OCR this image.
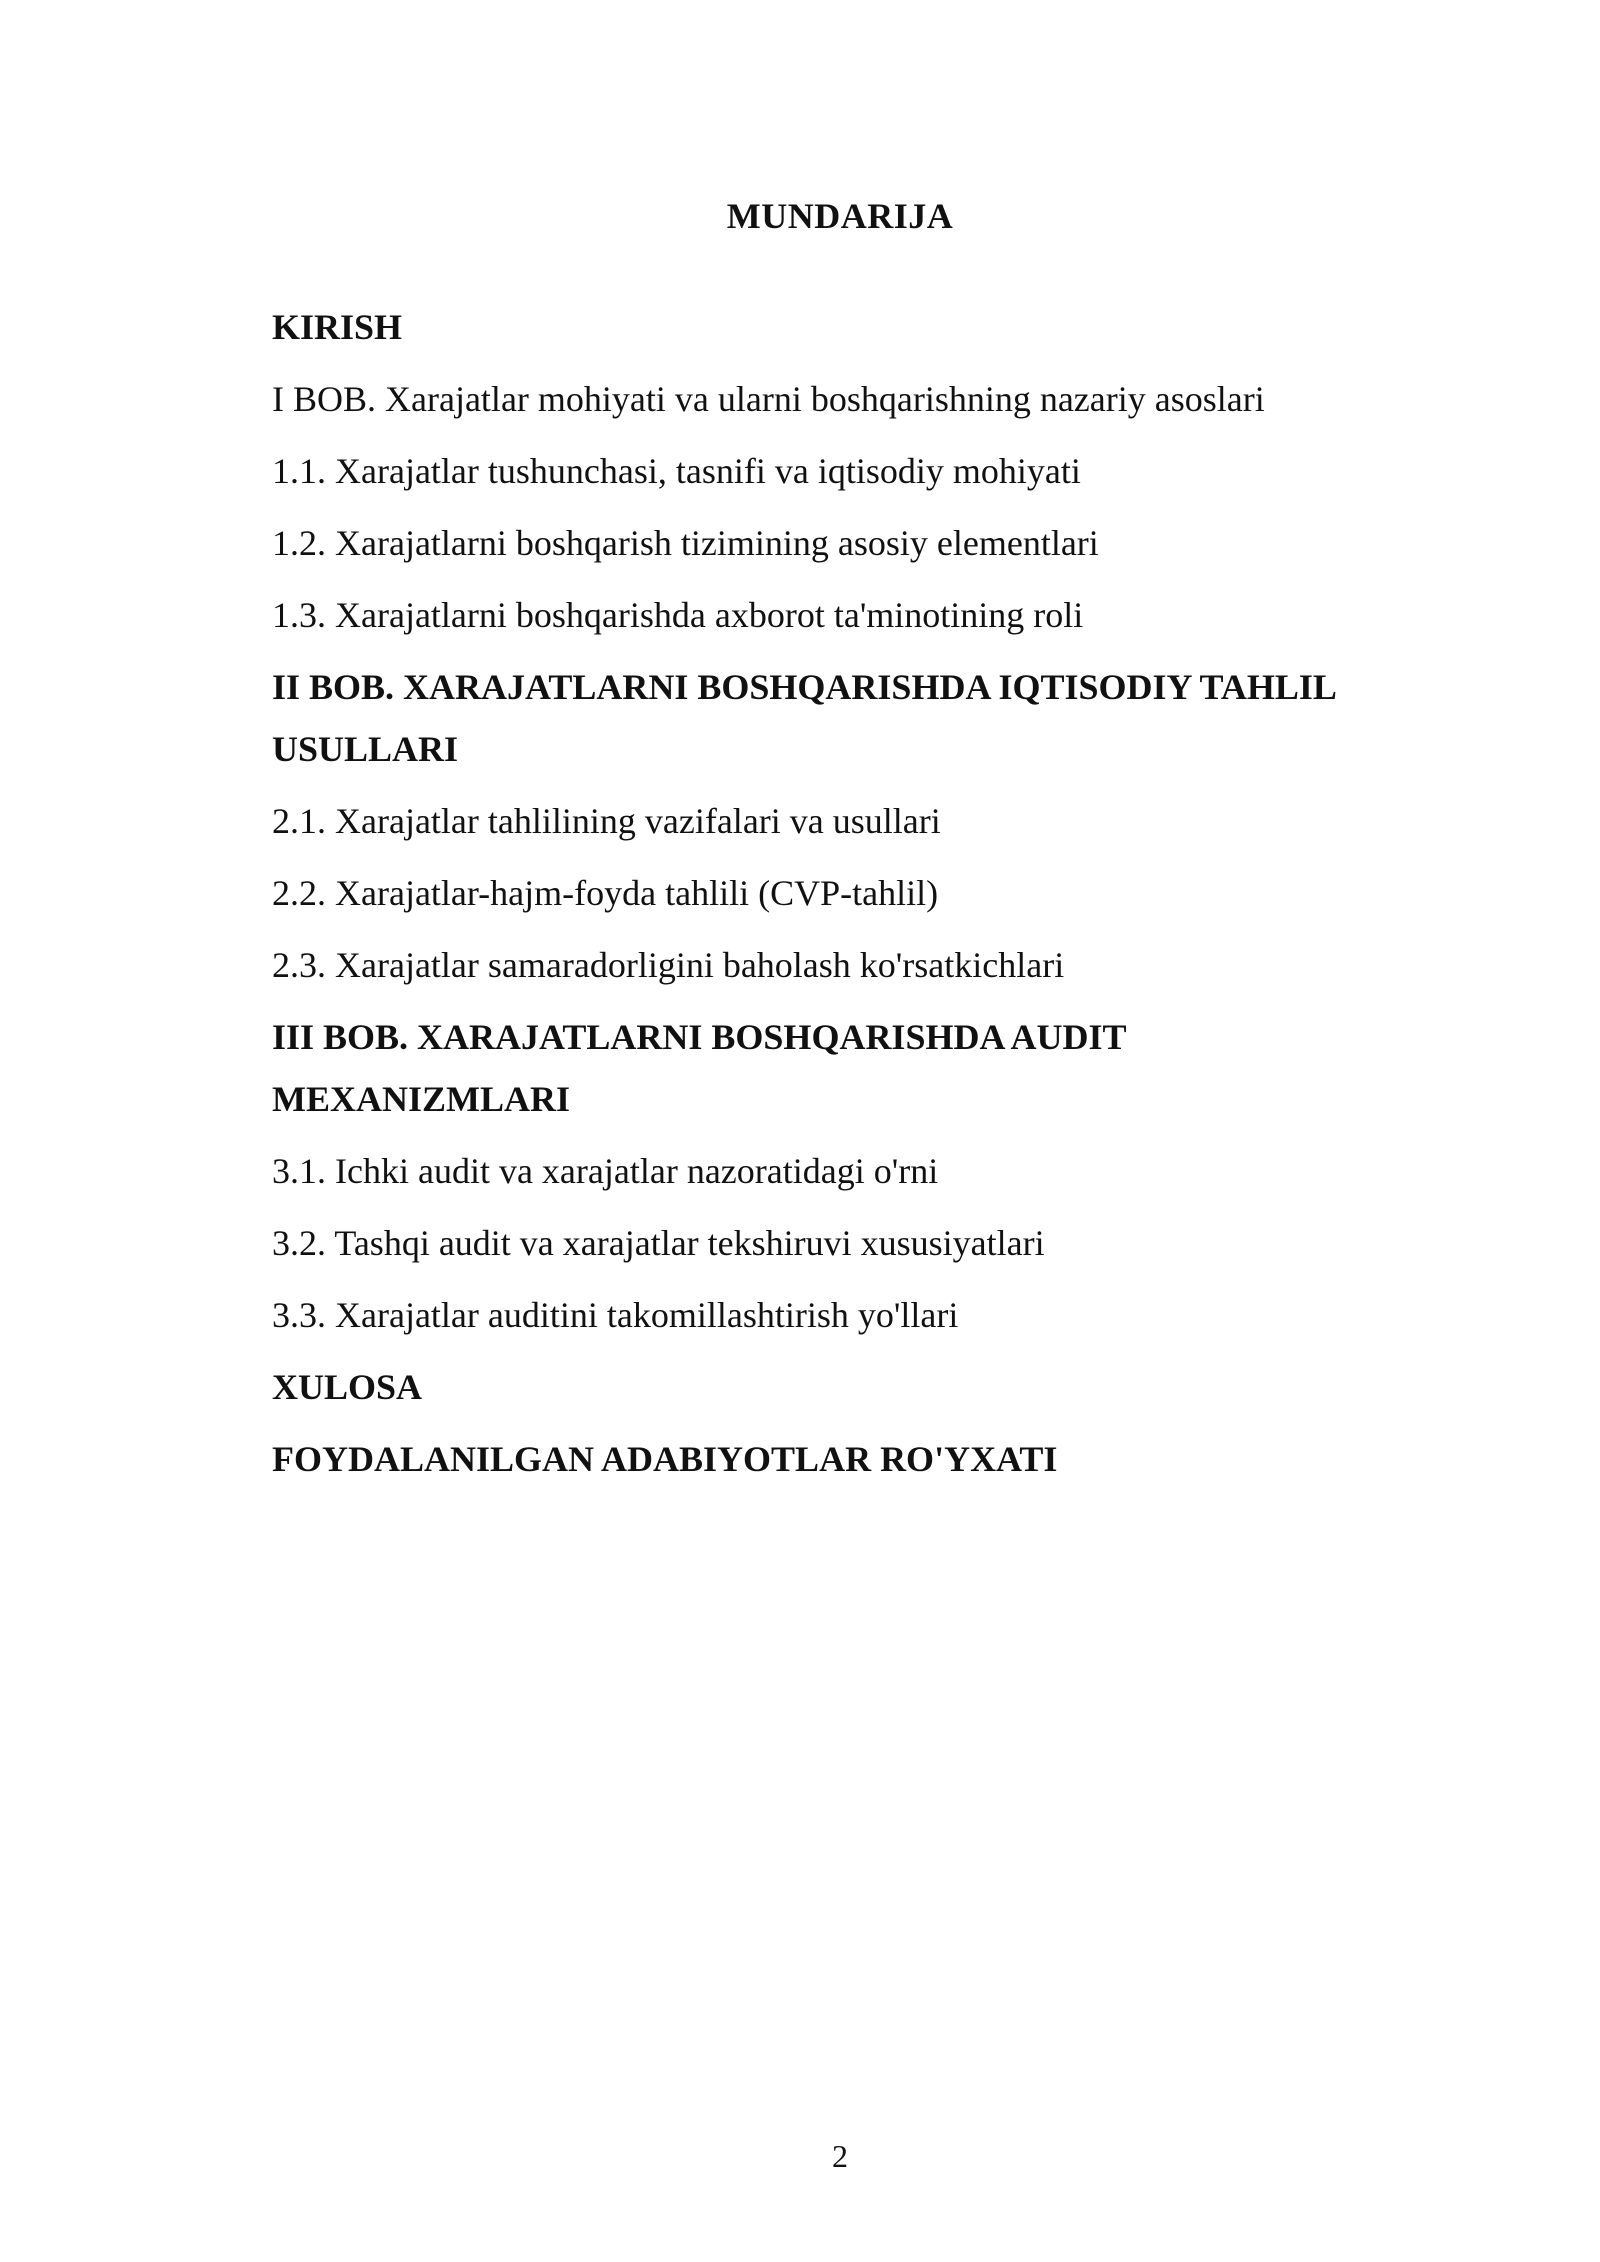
MUNDARIJA
KIRISH
I BOB. Xarajatlar mohiyati va ularni boshqarishning nazariy asoslari
1.1. Xarajatlar tushunchasi, tasnifi va iqtisodiy mohiyati
1.2. Xarajatlarni boshqarish tizimining asosiy elementlari
1.3. Xarajatlarni boshqarishda axborot ta'minotining roli
II BOB. XARAJATLARNI BOSHQARISHDA IQTISODIY TAHLIL USULLARI
2.1. Xarajatlar tahlilining vazifalari va usullari
2.2. Xarajatlar-hajm-foyda tahlili (CVP-tahlil)
2.3. Xarajatlar samaradorligini baholash ko'rsatkichlari
III BOB. XARAJATLARNI BOSHQARISHDA AUDIT MEXANIZMLARI
3.1. Ichki audit va xarajatlar nazoratidagi o'rni
3.2. Tashqi audit va xarajatlar tekshiruvi xususiyatlari
3.3. Xarajatlar auditini takomillashtirish yo'llari
XULOSA
FOYDALANILGAN ADABIYOTLAR RO'YXATI
2
